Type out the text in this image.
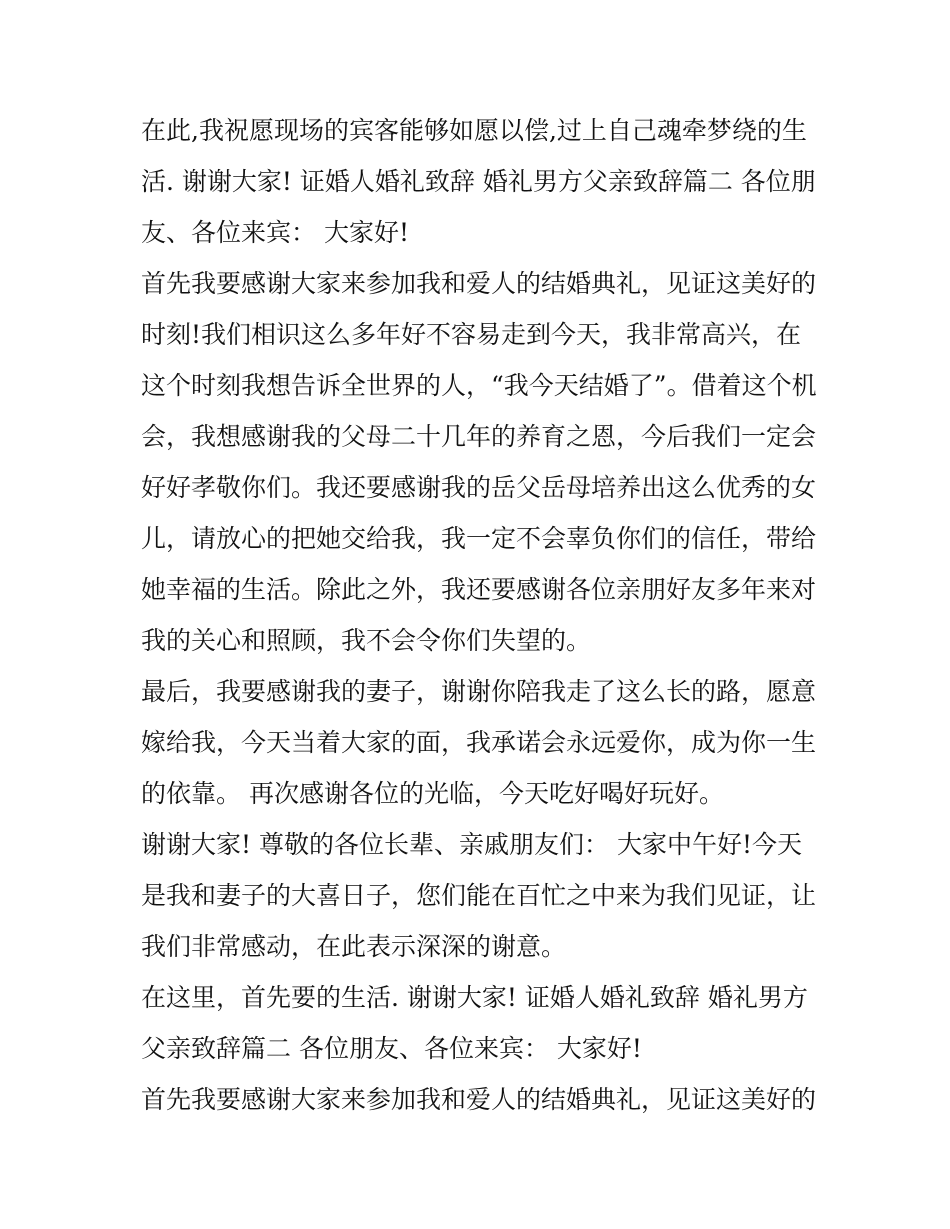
在此,我祝愿现场的宾客能够如愿以偿,过上自己魂牵梦绕的生
活. 谢谢大家! 证婚人婚礼致辞 婚礼男方父亲致辞篇二 各位朋
友、各位来宾： 大家好!
首先我要感谢大家来参加我和爱人的结婚典礼，见证这美好的
时刻!我们相识这么多年好不容易走到今天，我非常高兴，在
这个时刻我想告诉全世界的人，“我今天结婚了”。借着这个机
会，我想感谢我的父母二十几年的养育之恩，今后我们一定会
好好孝敬你们。我还要感谢我的岳父岳母培养出这么优秀的女
儿，请放心的把她交给我，我一定不会辜负你们的信任，带给
她幸福的生活。除此之外，我还要感谢各位亲朋好友多年来对
我的关心和照顾，我不会令你们失望的。
最后，我要感谢我的妻子，谢谢你陪我走了这么长的路，愿意
嫁给我，今天当着大家的面，我承诺会永远爱你，成为你一生
的依靠。 再次感谢各位的光临，今天吃好喝好玩好。
谢谢大家! 尊敬的各位长辈、亲戚朋友们： 大家中午好!今天
是我和妻子的大喜日子，您们能在百忙之中来为我们见证，让
我们非常感动，在此表示深深的谢意。
在这里，首先要的生活. 谢谢大家! 证婚人婚礼致辞 婚礼男方
父亲致辞篇二 各位朋友、各位来宾： 大家好!
首先我要感谢大家来参加我和爱人的结婚典礼，见证这美好的
